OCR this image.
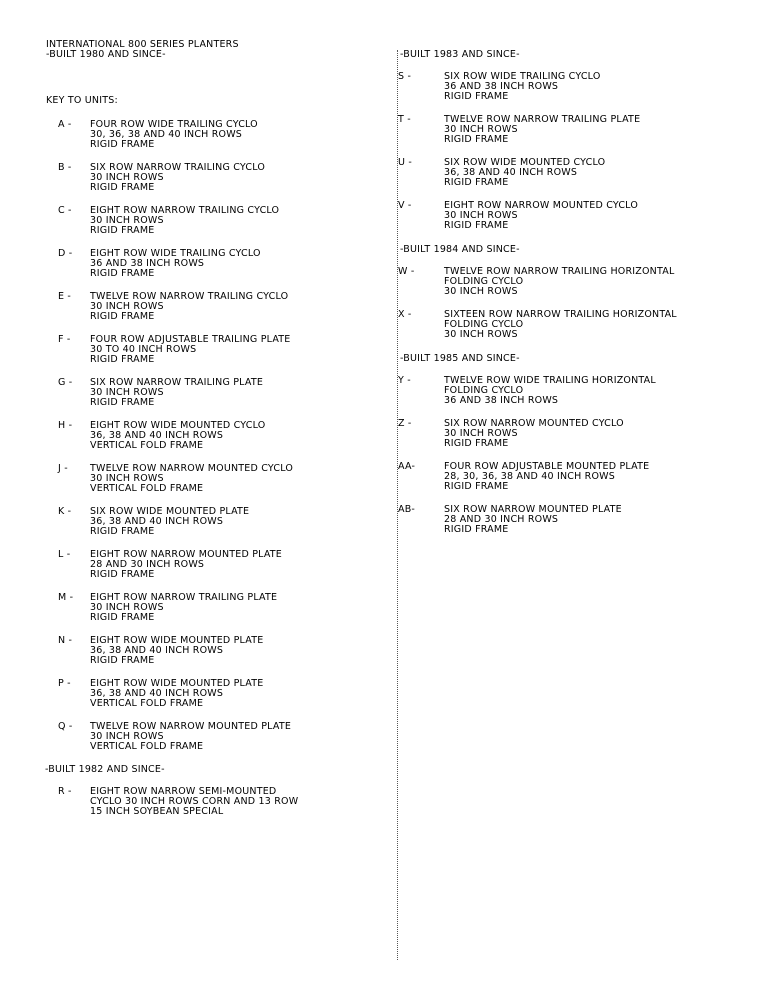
INTERNATIONAL 800 SERIES PLANTERS
-BUILT 1980 AND SINCE-
KEY TO UNITS:
A - FOUR ROW WIDE TRAILING CYCLO
30, 36, 38 AND 40 INCH ROWS
RIGID FRAME
B - SIX ROW NARROW TRAILING CYCLO
30 INCH ROWS
RIGID FRAME
C - EIGHT ROW NARROW TRAILING CYCLO
30 INCH ROWS
RIGID FRAME
D - EIGHT ROW WIDE TRAILING CYCLO
36 AND 38 INCH ROWS
RIGID FRAME
E - TWELVE ROW NARROW TRAILING CYCLO
30 INCH ROWS
RIGID FRAME
F - FOUR ROW ADJUSTABLE TRAILING PLATE
30 TO 40 INCH ROWS
RIGID FRAME
G - SIX ROW NARROW TRAILING PLATE
30 INCH ROWS
RIGID FRAME
H - EIGHT ROW WIDE MOUNTED CYCLO
36, 38 AND 40 INCH ROWS
VERTICAL FOLD FRAME
J - TWELVE ROW NARROW MOUNTED CYCLO
30 INCH ROWS
VERTICAL FOLD FRAME
K - SIX ROW WIDE MOUNTED PLATE
36, 38 AND 40 INCH ROWS
RIGID FRAME
L - EIGHT ROW NARROW MOUNTED PLATE
28 AND 30 INCH ROWS
RIGID FRAME
M - EIGHT ROW NARROW TRAILING PLATE
30 INCH ROWS
RIGID FRAME
N - EIGHT ROW WIDE MOUNTED PLATE
36, 38 AND 40 INCH ROWS
RIGID FRAME
P - EIGHT ROW WIDE MOUNTED PLATE
36, 38 AND 40 INCH ROWS
VERTICAL FOLD FRAME
Q - TWELVE ROW NARROW MOUNTED PLATE
30 INCH ROWS
VERTICAL FOLD FRAME
-BUILT 1982 AND SINCE-
R - EIGHT ROW NARROW SEMI-MOUNTED
CYCLO 30 INCH ROWS CORN AND 13 ROW
15 INCH SOYBEAN SPECIAL
-BUILT 1983 AND SINCE-
S -	SIX ROW WIDE TRAILING CYCLO
36 AND 38 INCH ROWS
RIGID FRAME
T -	TWELVE ROW NARROW TRAILING PLATE
30 INCH ROWS
RIGID FRAME
U -	SIX ROW WIDE MOUNTED CYCLO
36, 38 AND 40 INCH ROWS
RIGID FRAME
V -	EIGHT ROW NARROW MOUNTED CYCLO
30 INCH ROWS
RIGID FRAME
-BUILT 1984 AND SINCE-
W -	TWELVE ROW NARROW TRAILING HORIZONTAL
FOLDING CYCLO
30 INCH ROWS
X -	SIXTEEN ROW NARROW TRAILING HORIZONTAL
FOLDING CYCLO
30 INCH ROWS
-BUILT 1985 AND SINCE-
Y -	TWELVE ROW WIDE TRAILING HORIZONTAL
FOLDING CYCLO
36 AND 38 INCH ROWS
Z -	SIX ROW NARROW MOUNTED CYCLO
30 INCH ROWS
RIGID FRAME
AA-	FOUR ROW ADJUSTABLE MOUNTED PLATE
28, 30, 36, 38 AND 40 INCH ROWS
RIGID FRAME
AB-	SIX ROW NARROW MOUNTED PLATE
28 AND 30 INCH ROWS
RIGID FRAME
